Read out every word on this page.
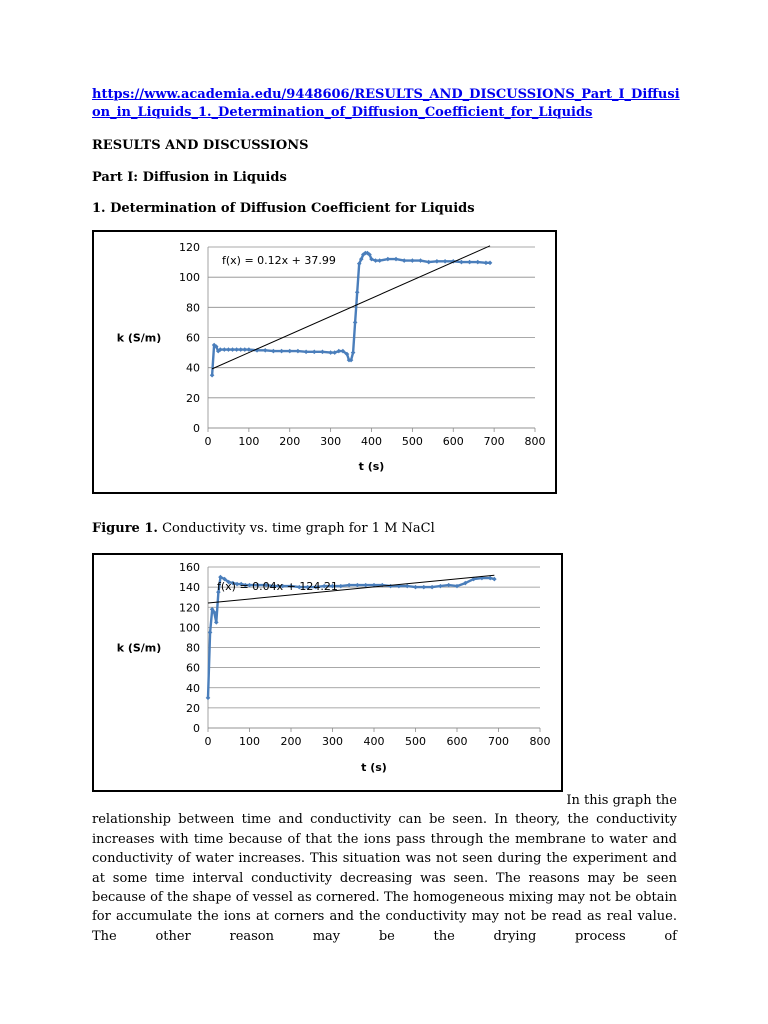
https://www.academia.edu/9448606/RESULTS_AND_DISCUSSIONS_Part_I_Diffusion_in_Liquids_1._Determination_of_Diffusion_Coefficient_for_Liquids
RESULTS AND DISCUSSIONS
Part I: Diffusion in Liquids
1. Determination of Diffusion Coefficient for Liquids
0
20
40
60
80
100
120
0 100 200 300 400 500 600 700 800
t (s)
k (S/m)
f(x) = 0.12x + 37.99
Figure 1. Conductivity vs. time graph for 1 M NaCl
0
20
40
60
80
100
120
140
160
0	100 200 300 400 500 600 700 800
t (s)
k (S/m)
f(x) = 0.04x + 124.21
In this graph the
relationship between time and conductivity can be seen. In theory, the conductivity increases with time because of that the ions pass through the membrane to water and conductivity of water increases. This situation was not seen during the experiment and at some time interval conductivity decreasing was seen. The reasons may be seen because of the shape of vessel as cornered. The homogeneous mixing may not be obtain for accumulate the ions at corners and the conductivity may not be read as real value. The other reason may be the drying process of
